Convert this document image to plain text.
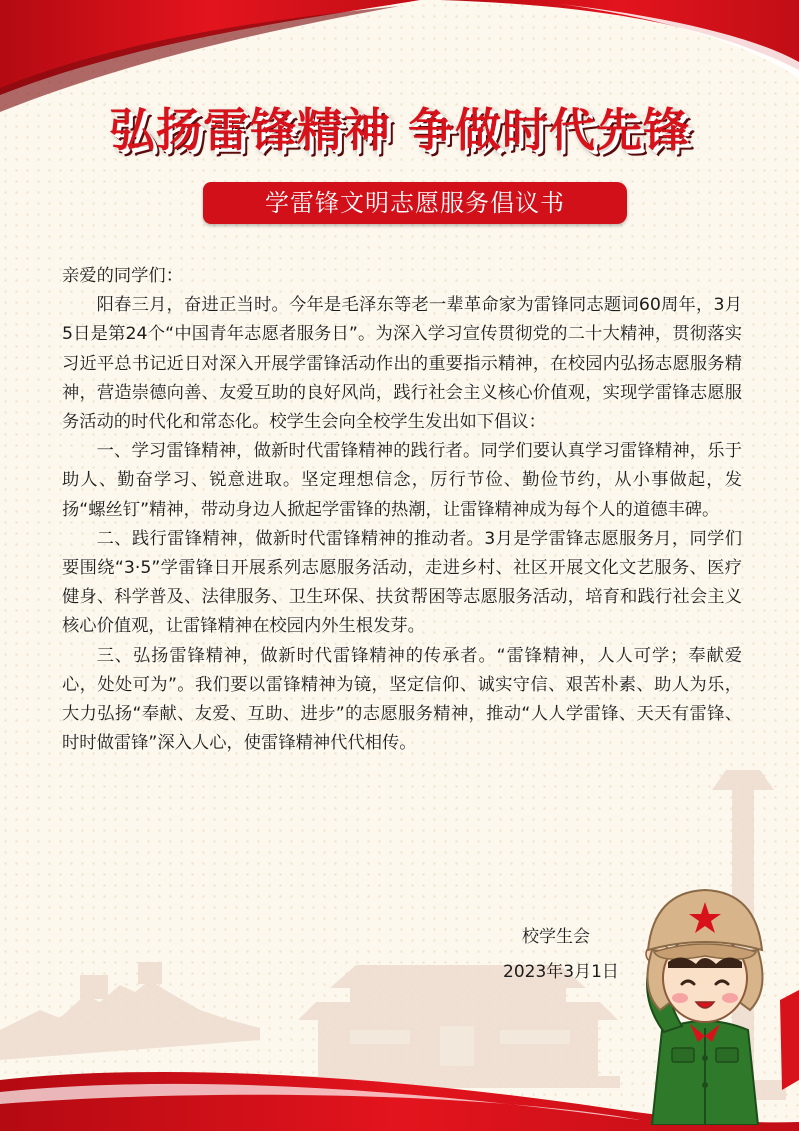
弘扬雷锋精神 争做时代先锋
学雷锋文明志愿服务倡议书

亲爱的同学们：

阳春三月，奋进正当时。今年是毛泽东等老一辈革命家为雷锋同志题词60周年，3月5日是第24个“中国青年志愿者服务日”。为深入学习宣传贯彻党的二十大精神，贯彻落实习近平总书记近日对深入开展学雷锋活动作出的重要指示精神，在校园内弘扬志愿服务精神，营造崇德向善、友爱互助的良好风尚，践行社会主义核心价值观，实现学雷锋志愿服务活动的时代化和常态化。校学生会向全校学生发出如下倡议：

一、学习雷锋精神，做新时代雷锋精神的践行者。同学们要认真学习雷锋精神，乐于助人、勤奋学习、锐意进取。坚定理想信念，厉行节俭、勤俭节约，从小事做起，发扬“螺丝钉”精神，带动身边人掀起学雷锋的热潮，让雷锋精神成为每个人的道德丰碑。

二、践行雷锋精神，做新时代雷锋精神的推动者。3月是学雷锋志愿服务月，同学们要围绕“3·5”学雷锋日开展系列志愿服务活动，走进乡村、社区开展文化文艺服务、医疗健身、科学普及、法律服务、卫生环保、扶贫帮困等志愿服务活动，培育和践行社会主义核心价值观，让雷锋精神在校园内外生根发芽。

三、弘扬雷锋精神，做新时代雷锋精神的传承者。“雷锋精神，人人可学；奉献爱心，处处可为”。我们要以雷锋精神为镜，坚定信仰、诚实守信、艰苦朴素、助人为乐，大力弘扬“奉献、友爱、互助、进步”的志愿服务精神，推动“人人学雷锋、天天有雷锋、时时做雷锋”深入人心，使雷锋精神代代相传。

校学生会
2023年3月1日
